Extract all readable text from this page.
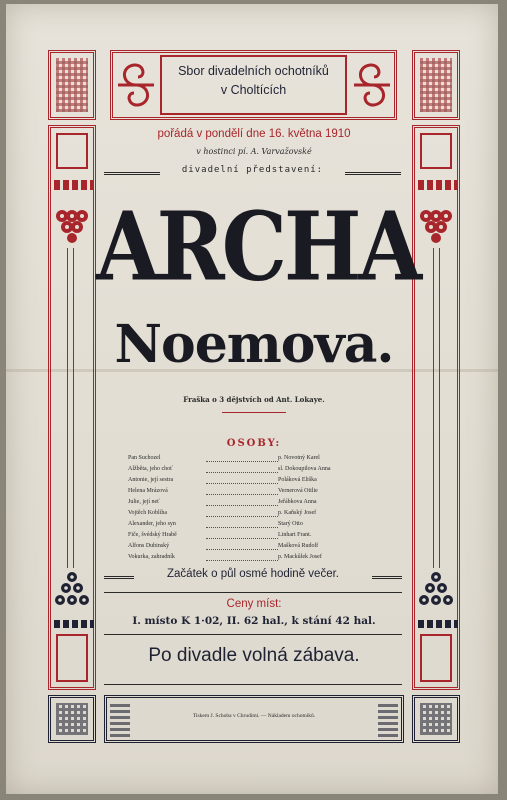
Sbor divadelních ochotníků
v Choltících
Tiskem J. Schoba v Chrudimi. — Nákladem ochotníků.
pořádá v pondělí dne 16. května 1910
v hostinci pí. A. Varvažovské
divadelní představení:
ARCHA
Noemova.
Fraška o 3 dějstvích od Ant. Lokaye.
OSOBY:
Pan Suchozel	p. Novotný Karel
Alžběta, jeho choť	sl. Dokoupilova Anna
Antonie, její sestra	Poláková Eliška
Helena Mrázová	Vernerová Otilie
Julie, její neť	Jeřábkova Anna
Vojtěch Koblíha	p. Kaňský Josef
Alexander, jeho syn	Starý Otto
Fiče, švédský Hrabě	Linhart Frant.
Alfons Dubinský	Mašková Rudolf
Vokurka, zahradník	p. Mackůlek Josef
Začátek o půl osmé hodině večer.
Ceny míst:
I. místo K 1·02, II. 62 hal., k stání 42 hal.
Po divadle volná zábava.
